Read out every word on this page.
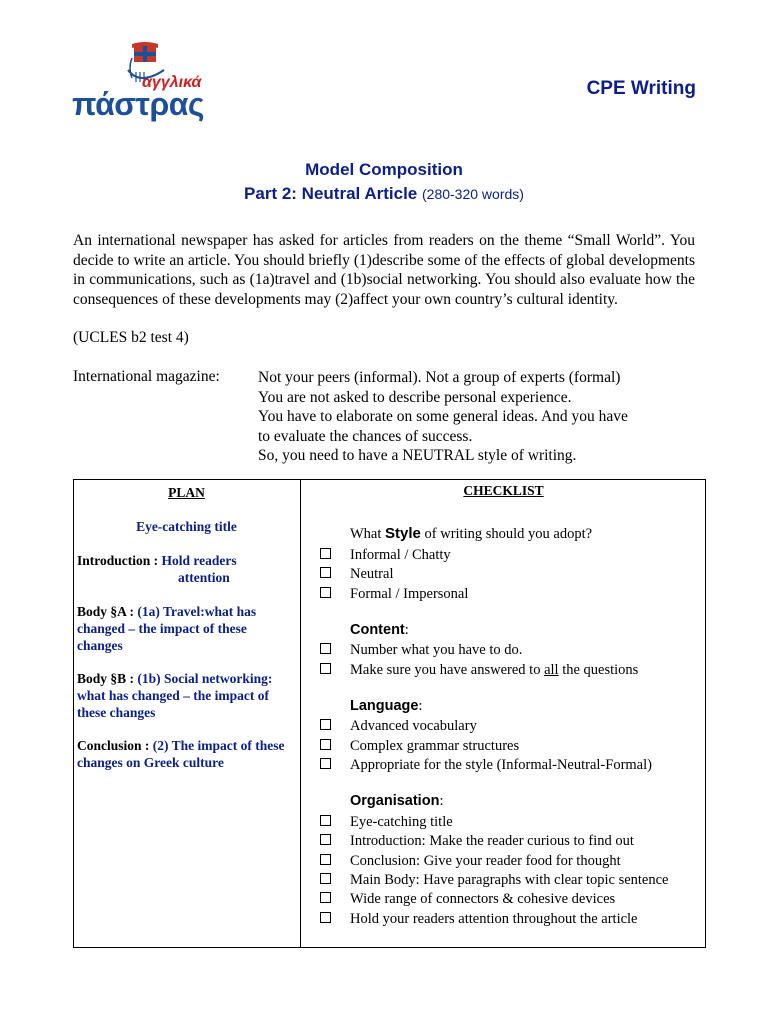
αγγλικά
πάστρας	CPE Writing
Model Composition
Part 2: Neutral Article (280-320 words)

An international newspaper has asked for articles from readers on the theme “Small World”. You decide to write an article. You should briefly (1)describe some of the effects of global developments in communications, such as (1a)travel and (1b)social networking. You should also evaluate how the consequences of these developments may (2)affect your own country’s cultural identity.

(UCLES b2 test 4)
International magazine: Not your peers (informal). Not a group of experts (formal)
You are not asked to describe personal experience.
You have to elaborate on some general ideas. And you have
to evaluate the chances of success.
So, you need to have a NEUTRAL style of writing.
PLAN	CHECKLIST
Eye-catching title
Introduction : Hold readers
attention
Body §A : (1a) Travel:what has changed – the impact of these changes
Body §B : (1b) Social networking: what has changed – the impact of these changes
Conclusion : (2) The impact of these changes on Greek culture
What Style of writing should you adopt?
Informal / Chatty
Neutral
Formal / Impersonal
Content:
Number what you have to do.
Make sure you have answered to all the questions
Language:
Advanced vocabulary
Complex grammar structures
Appropriate for the style (Informal-Neutral-Formal)
Organisation:
Eye-catching title
Introduction: Make the reader curious to find out
Conclusion: Give your reader food for thought
Main Body: Have paragraphs with clear topic sentence
Wide range of connectors & cohesive devices
Hold your readers attention throughout the article
